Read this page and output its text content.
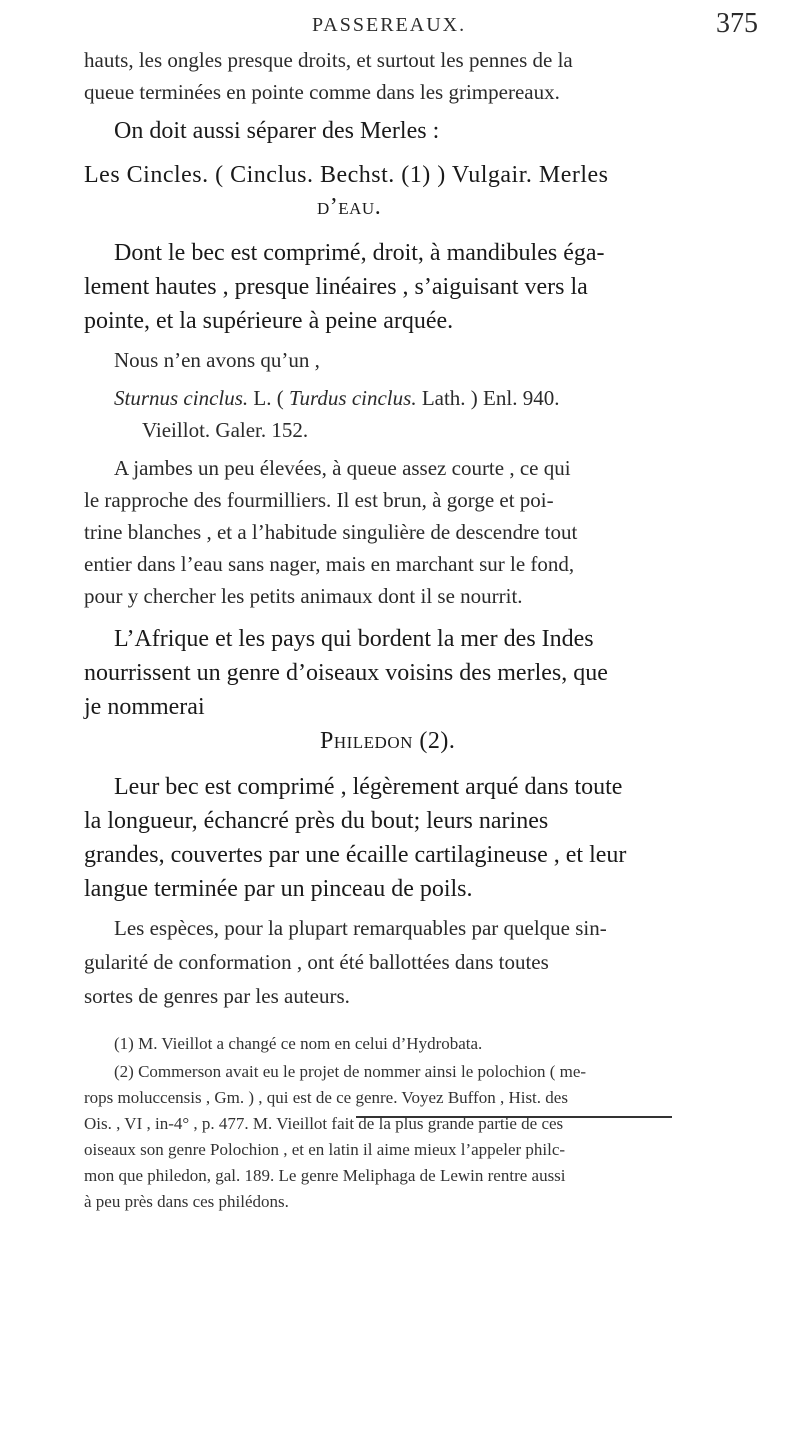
PASSEREAUX.	375
hauts, les ongles presque droits, et surtout les pennes de la
queue terminées en pointe comme dans les grimpereaux.
On doit aussi séparer des Merles :
Les Cincles. ( Cinclus. Bechst. (1) ) Vulgair. Merles
d’eau.
Dont le bec est comprimé, droit, à mandibules éga-
lement hautes , presque linéaires , s’aiguisant vers la
pointe, et la supérieure à peine arquée.
Nous n’en avons qu’un ,
Sturnus cinclus. L. ( Turdus cinclus. Lath. ) Enl. 940.
Vieillot. Galer. 152.
A jambes un peu élevées, à queue assez courte , ce qui
le rapproche des fourmilliers. Il est brun, à gorge et poi-
trine blanches , et a l’habitude singulière de descendre tout
entier dans l’eau sans nager, mais en marchant sur le fond,
pour y chercher les petits animaux dont il se nourrit.
L’Afrique et les pays qui bordent la mer des Indes
nourrissent un genre d’oiseaux voisins des merles, que
je nommerai
Philedon (2).
Leur bec est comprimé , légèrement arqué dans toute
la longueur, échancré près du bout; leurs narines
grandes, couvertes par une écaille cartilagineuse , et leur
langue terminée par un pinceau de poils.
Les espèces, pour la plupart remarquables par quelque sin-
gularité de conformation , ont été ballottées dans toutes
sortes de genres par les auteurs.
(1) M. Vieillot a changé ce nom en celui d’Hydrobata.
(2) Commerson avait eu le projet de nommer ainsi le polochion ( me-
rops moluccensis , Gm. ) , qui est de ce genre. Voyez Buffon , Hist. des
Ois. , VI , in-4° , p. 477. M. Vieillot fait de la plus grande partie de ces
oiseaux son genre Polochion , et en latin il aime mieux l’appeler philc-
mon que philedon, gal. 189. Le genre Meliphaga de Lewin rentre aussi
à peu près dans ces philédons.
